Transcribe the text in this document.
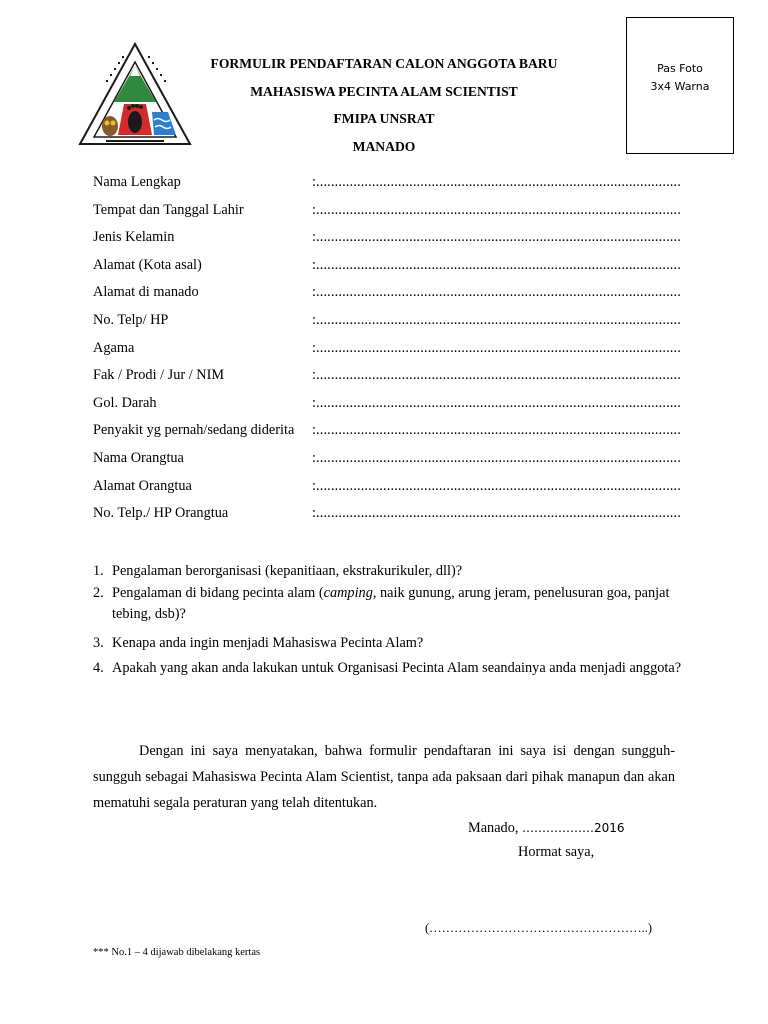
FORMULIR PENDAFTARAN CALON ANGGOTA BARU
MAHASISWA PECINTA ALAM SCIENTIST
FMIPA UNSRAT
MANADO
Pas Foto
3x4 Warna
Nama Lengkap	: ..................................................................................................
Tempat dan Tanggal Lahir	: ..................................................................................................
Jenis Kelamin	: ..................................................................................................
Alamat (Kota asal)	: ..................................................................................................
Alamat di manado	: ..................................................................................................
No. Telp/ HP	: ..................................................................................................
Agama	: ..................................................................................................
Fak / Prodi / Jur / NIM	: ..................................................................................................
Gol. Darah	: ..................................................................................................
Penyakit yg pernah/sedang diderita : ..................................................................................................
Nama Orangtua	: ..................................................................................................
Alamat Orangtua	: ..................................................................................................
No. Telp./ HP Orangtua	: ..................................................................................................
1. Pengalaman berorganisasi (kepanitiaan, ekstrakurikuler, dll)?
2. Pengalaman di bidang pecinta alam (camping, naik gunung, arung jeram, penelusuran goa, panjat tebing, dsb)?
3. Kenapa anda ingin menjadi Mahasiswa Pecinta Alam?
4. Apakah yang akan anda lakukan untuk Organisasi Pecinta Alam seandainya anda menjadi anggota?
Dengan ini saya menyatakan, bahwa formulir pendaftaran ini saya isi dengan sungguh-sungguh sebagai Mahasiswa Pecinta Alam Scientist, tanpa ada paksaan dari pihak manapun dan akan mematuhi segala peraturan yang telah ditentukan.
Manado, ………………2016
Hormat saya,
(……………………………………………..)
*** No.1 – 4 dijawab dibelakang kertas
